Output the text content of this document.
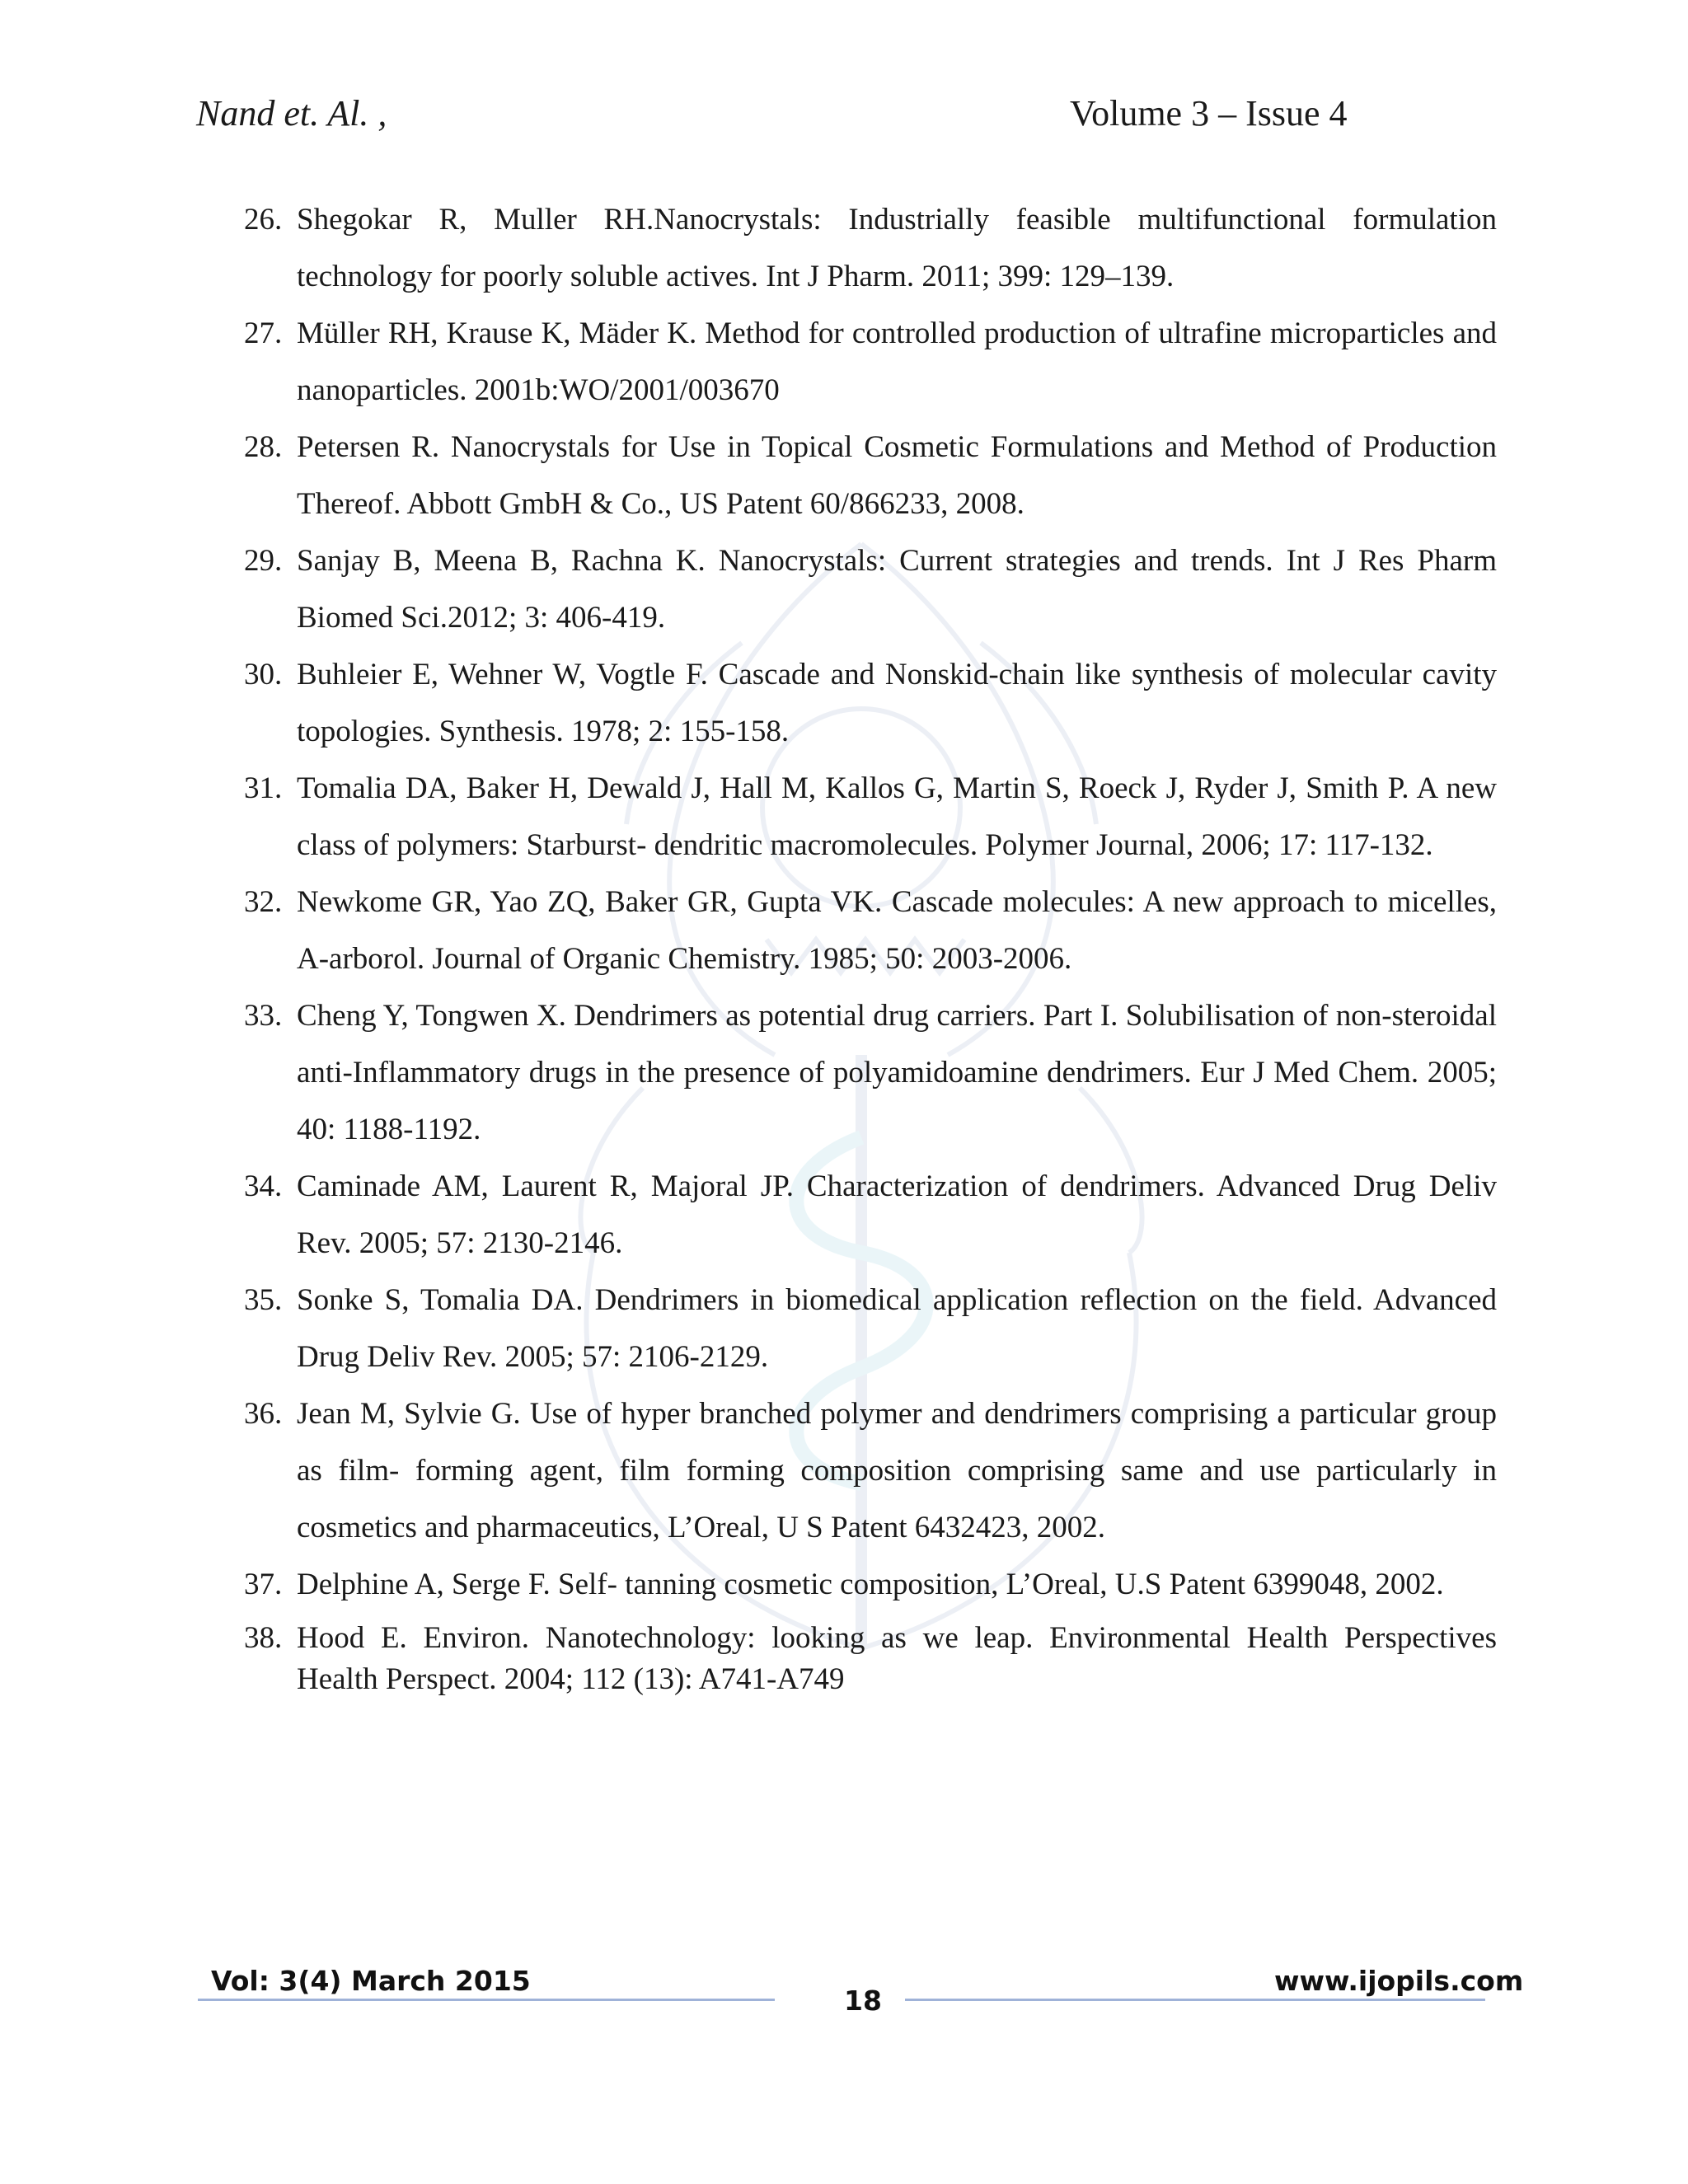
Nand et. Al. ,	Volume 3 – Issue 4
26. Shegokar R, Muller RH.Nanocrystals: Industrially feasible multifunctional formulation technology for poorly soluble actives. Int J Pharm. 2011; 399: 129–139.
27. Müller RH, Krause K, Mäder K. Method for controlled production of ultrafine microparticles and nanoparticles. 2001b:WO/2001/003670
28. Petersen R. Nanocrystals for Use in Topical Cosmetic Formulations and Method of Production Thereof. Abbott GmbH & Co., US Patent 60/866233, 2008.
29. Sanjay B, Meena B, Rachna K. Nanocrystals: Current strategies and trends. Int J Res Pharm Biomed Sci.2012; 3: 406-419.
30. Buhleier E, Wehner W, Vogtle F. Cascade and Nonskid-chain like synthesis of molecular cavity topologies. Synthesis. 1978; 2: 155-158.
31. Tomalia DA, Baker H, Dewald J, Hall M, Kallos G, Martin S, Roeck J, Ryder J, Smith P. A new class of polymers: Starburst- dendritic macromolecules. Polymer Journal, 2006; 17: 117-132.
32. Newkome GR, Yao ZQ, Baker GR, Gupta VK. Cascade molecules: A new approach to micelles, A-arborol. Journal of Organic Chemistry. 1985; 50: 2003-2006.
33. Cheng Y, Tongwen X. Dendrimers as potential drug carriers. Part I. Solubilisation of non-steroidal anti-Inflammatory drugs in the presence of polyamidoamine dendrimers. Eur J Med Chem. 2005; 40: 1188-1192.
34. Caminade AM, Laurent R, Majoral JP. Characterization of dendrimers. Advanced Drug Deliv Rev. 2005; 57: 2130-2146.
35. Sonke S, Tomalia DA. Dendrimers in biomedical application reflection on the field. Advanced Drug Deliv Rev. 2005; 57: 2106-2129.
36. Jean M, Sylvie G. Use of hyper branched polymer and dendrimers comprising a particular group as film- forming agent, film forming composition comprising same and use particularly in cosmetics and pharmaceutics, L’Oreal, U S Patent 6432423, 2002.
37. Delphine A, Serge F. Self- tanning cosmetic composition, L’Oreal, U.S Patent 6399048, 2002.
38. Hood E. Environ. Nanotechnology: looking as we leap. Environmental Health Perspectives Health Perspect. 2004; 112 (13): A741-A749
Vol: 3(4) March 2015
18
www.ijopils.com
